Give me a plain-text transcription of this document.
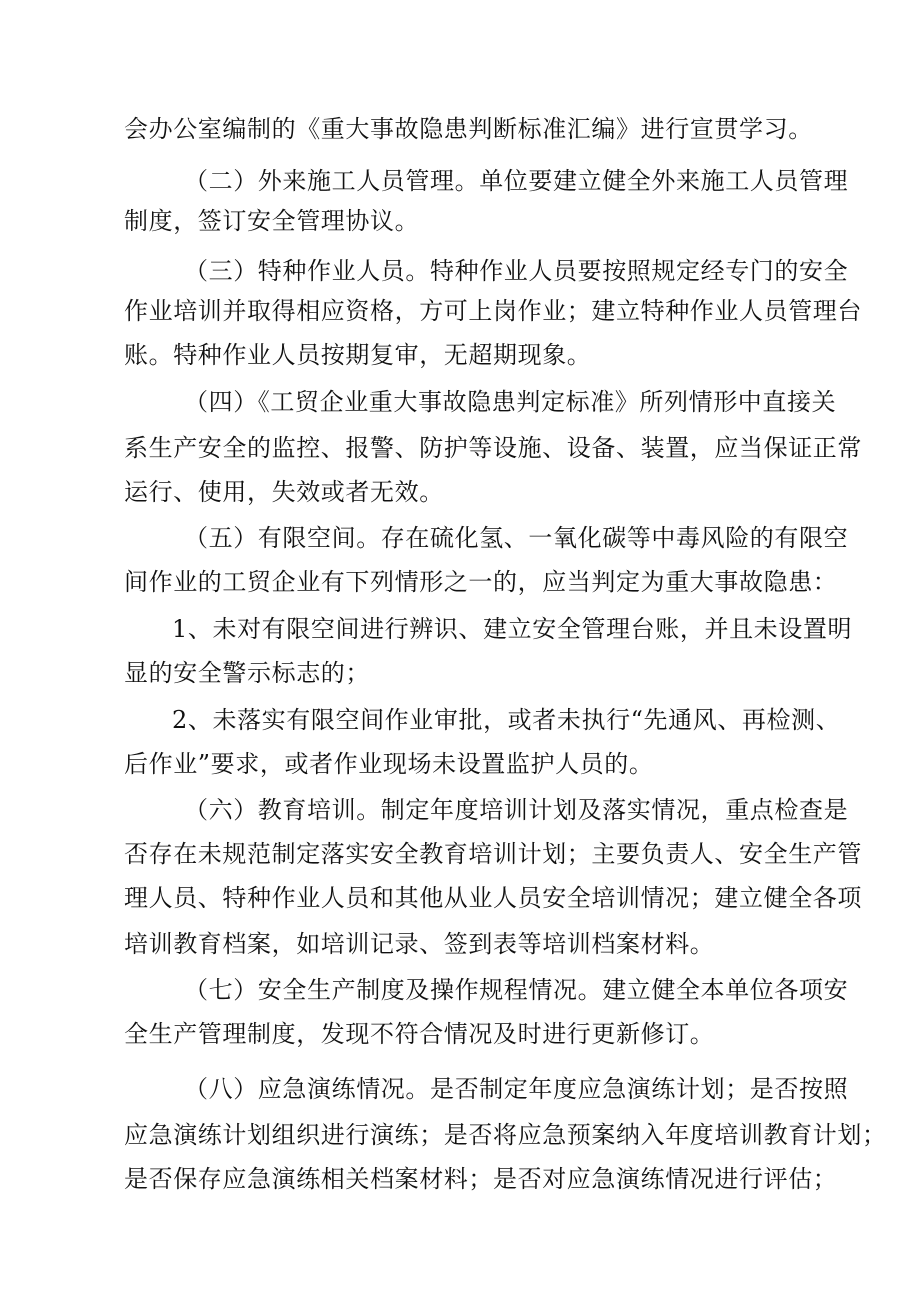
会办公室编制的《重大事故隐患判断标准汇编》进行宣贯学习。
（二）外来施工人员管理。单位要建立健全外来施工人员管理
制度，签订安全管理协议。
（三）特种作业人员。特种作业人员要按照规定经专门的安全
作业培训并取得相应资格，方可上岗作业；建立特种作业人员管理台
账。特种作业人员按期复审，无超期现象。
（四）《工贸企业重大事故隐患判定标准》所列情形中直接关
系生产安全的监控、报警、防护等设施、设备、装置，应当保证正常
运行、使用，失效或者无效。
（五）有限空间。存在硫化氢、一氧化碳等中毒风险的有限空
间作业的工贸企业有下列情形之一的，应当判定为重大事故隐患：
1、未对有限空间进行辨识、建立安全管理台账，并且未设置明
显的安全警示标志的；
2、未落实有限空间作业审批，或者未执行“先通风、再检测、
后作业”要求，或者作业现场未设置监护人员的。
（六）教育培训。制定年度培训计划及落实情况，重点检查是
否存在未规范制定落实安全教育培训计划；主要负责人、安全生产管
理人员、特种作业人员和其他从业人员安全培训情况；建立健全各项
培训教育档案，如培训记录、签到表等培训档案材料。
（七）安全生产制度及操作规程情况。建立健全本单位各项安
全生产管理制度，发现不符合情况及时进行更新修订。
（八）应急演练情况。是否制定年度应急演练计划；是否按照
应急演练计划组织进行演练；是否将应急预案纳入年度培训教育计划；
是否保存应急演练相关档案材料；是否对应急演练情况进行评估；
